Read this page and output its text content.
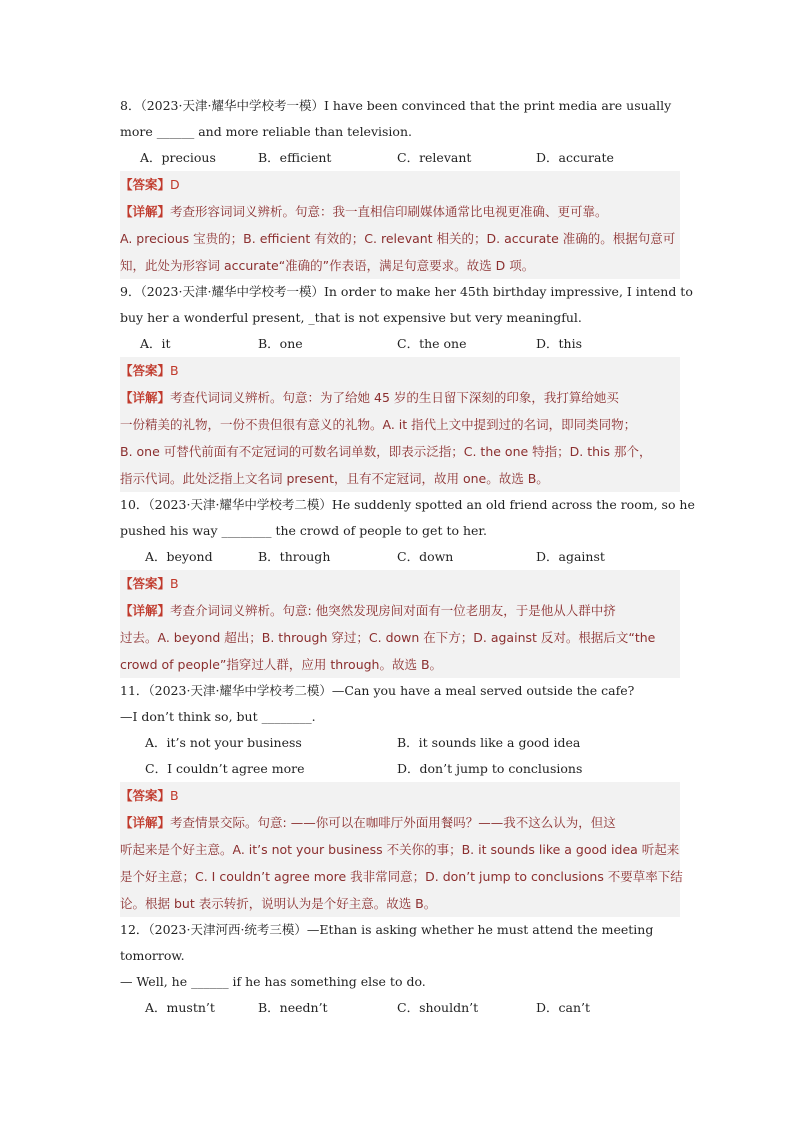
8．（2023·天津·耀华中学校考一模）I have been convinced that the print media are usually
more ______ and more reliable than television.
A．precious	B．efficient	C．relevant	D．accurate
【答案】D
【详解】考查形容词词义辨析。句意：我一直相信印刷媒体通常比电视更准确、更可靠。
A. precious 宝贵的；B. efficient 有效的；C. relevant 相关的；D. accurate 准确的。根据句意可
知，此处为形容词 accurate“准确的”作表语，满足句意要求。故选 D 项。
9．（2023·天津·耀华中学校考一模）In order to make her 45th birthday impressive, I intend to
buy her a wonderful present, _that is not expensive but very meaningful.
A．it	B．one	C．the one	D．this
【答案】B
【详解】考查代词词义辨析。句意：为了给她 45 岁的生日留下深刻的印象，我打算给她买
一份精美的礼物，一份不贵但很有意义的礼物。A. it 指代上文中提到过的名词，即同类同物；
B. one 可替代前面有不定冠词的可数名词单数，即表示泛指；C. the one 特指；D. this 那个，
指示代词。此处泛指上文名词 present，且有不定冠词，故用 one。故选 B。
10．（2023·天津·耀华中学校考二模）He suddenly spotted an old friend across the room, so he
pushed his way ________ the crowd of people to get to her.
A．beyond	B．through	C．down	D．against
【答案】B
【详解】考查介词词义辨析。句意: 他突然发现房间对面有一位老朋友，于是他从人群中挤
过去。A. beyond 超出；B. through 穿过；C. down 在下方；D. against 反对。根据后文“the
crowd of people”指穿过人群，应用 through。故选 B。
11．（2023·天津·耀华中学校考二模）—Can you have a meal served outside the cafe?
—I don’t think so, but ________.
A．it’s not your business	B．it sounds like a good idea
C．I couldn’t agree more	D．don’t jump to conclusions
【答案】B
【详解】考查情景交际。句意: ——你可以在咖啡厅外面用餐吗？——我不这么认为，但这
听起来是个好主意。A. it’s not your business 不关你的事；B. it sounds like a good idea 听起来
是个好主意；C. I couldn’t agree more 我非常同意；D. don’t jump to conclusions 不要草率下结
论。根据 but 表示转折，说明认为是个好主意。故选 B。
12．（2023·天津河西·统考三模）—Ethan is asking whether he must attend the meeting
tomorrow.
— Well, he ______ if he has something else to do.
A．mustn’t	B．needn’t	C．shouldn’t	D．can’t
